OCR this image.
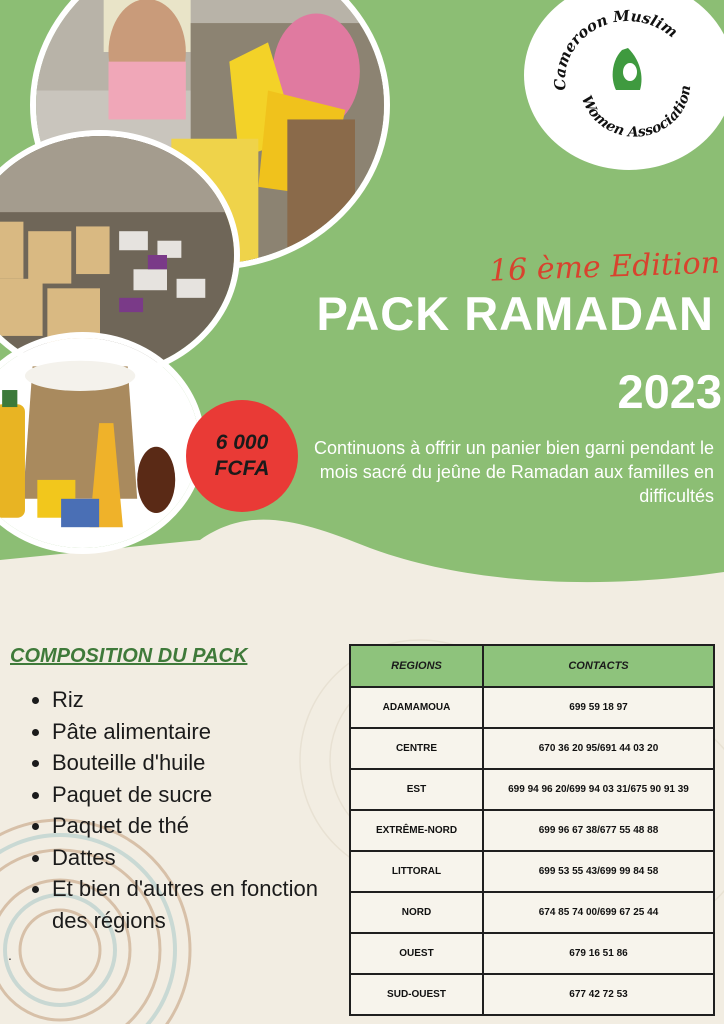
Cameroon Muslim
Women Association
16 ème Edition
PACK RAMADAN
2023
6 000
FCFA
Continuons à offrir un panier bien garni pendant le mois sacré du jeûne de Ramadan aux familles en difficultés
COMPOSITION DU PACK
• Riz
• Pâte alimentaire
• Bouteille d'huile
• Paquet de sucre
• Paquet de thé
• Dattes
• Et bien d'autres en fonction des régions
.
REGIONS	CONTACTS
ADAMAMOUA	699 59 18 97
CENTRE	670 36 20 95/691 44 03 20
EST	699 94 96 20/699 94 03 31/675 90 91 39
EXTRÊME-NORD	699 96 67 38/677 55 48 88
LITTORAL	699 53 55 43/699 99 84 58
NORD	674 85 74 00/699 67 25 44
OUEST	679 16 51 86
SUD-OUEST	677 42 72 53
